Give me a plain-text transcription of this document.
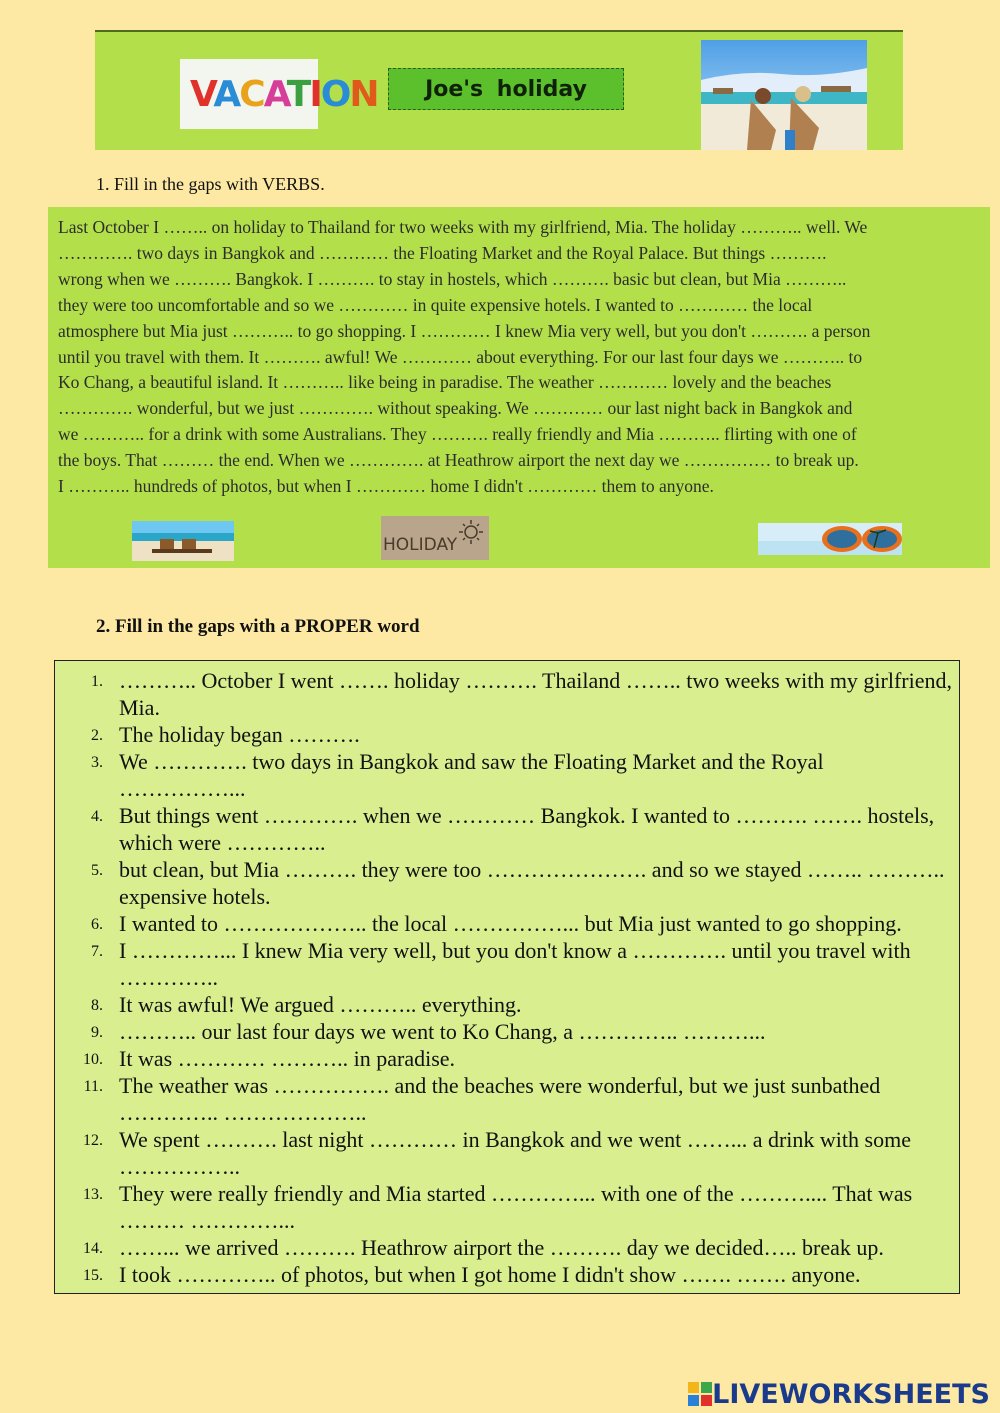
VACATION	Joe's holiday
1. Fill in the gaps with VERBS.
Last October I …….. on holiday to Thailand for two weeks with my girlfriend, Mia. The holiday ……….. well. We
…………. two days in Bangkok and ………… the Floating Market and the Royal Palace. But things ……….
wrong when we ………. Bangkok. I ………. to stay in hostels, which ………. basic but clean, but Mia ………..
they were too uncomfortable and so we ………… in quite expensive hotels. I wanted to ………… the local
atmosphere but Mia just ……….. to go shopping. I ………… I knew Mia very well, but you don't ………. a person
until you travel with them. It ………. awful! We ………… about everything. For our last four days we ……….. to
Ko Chang, a beautiful island. It ……….. like being in paradise. The weather ………… lovely and the beaches
…………. wonderful, but we just …………. without speaking. We ………… our last night back in Bangkok and
we ……….. for a drink with some Australians. They ………. really friendly and Mia ……….. flirting with one of
the boys. That ……… the end. When we …………. at Heathrow airport the next day we …………… to break up.
I ……….. hundreds of photos, but when I ………… home I didn't ………… them to anyone.
HOLIDAY
2. Fill in the gaps with a PROPER word
1. ……….. October I went ……. holiday ………. Thailand …….. two weeks with my girlfriend, Mia.
2. The holiday began ……….
3. We …………. two days in Bangkok and saw the Floating Market and the Royal ……………...
4. But things went …………. when we ………… Bangkok. I wanted to ………. ……. hostels, which were …………..
5. but clean, but Mia ………. they were too …………………. and so we stayed …….. ……….. expensive hotels.
6. I wanted to ……………….. the local ……………... but Mia just wanted to go shopping.
7. I …………... I knew Mia very well, but you don't know a …………. until you travel with …………..
8. It was awful! We argued ……….. everything.
9. ……….. our last four days we went to Ko Chang, a ………….. ………...
10. It was ………… ……….. in paradise.
11. The weather was ……………. and the beaches were wonderful, but we just sunbathed ………….. ………………..
12. We spent ………. last night ………… in Bangkok and we went ……... a drink with some ……………..
13. They were really friendly and Mia started …………... with one of the ……….... That was ……… …………...
14. ……... we arrived ………. Heathrow airport the ………. day we decided….. break up.
15. I took ………….. of photos, but when I got home I didn't show ……. ……. anyone.
LIVEWORKSHEETS
